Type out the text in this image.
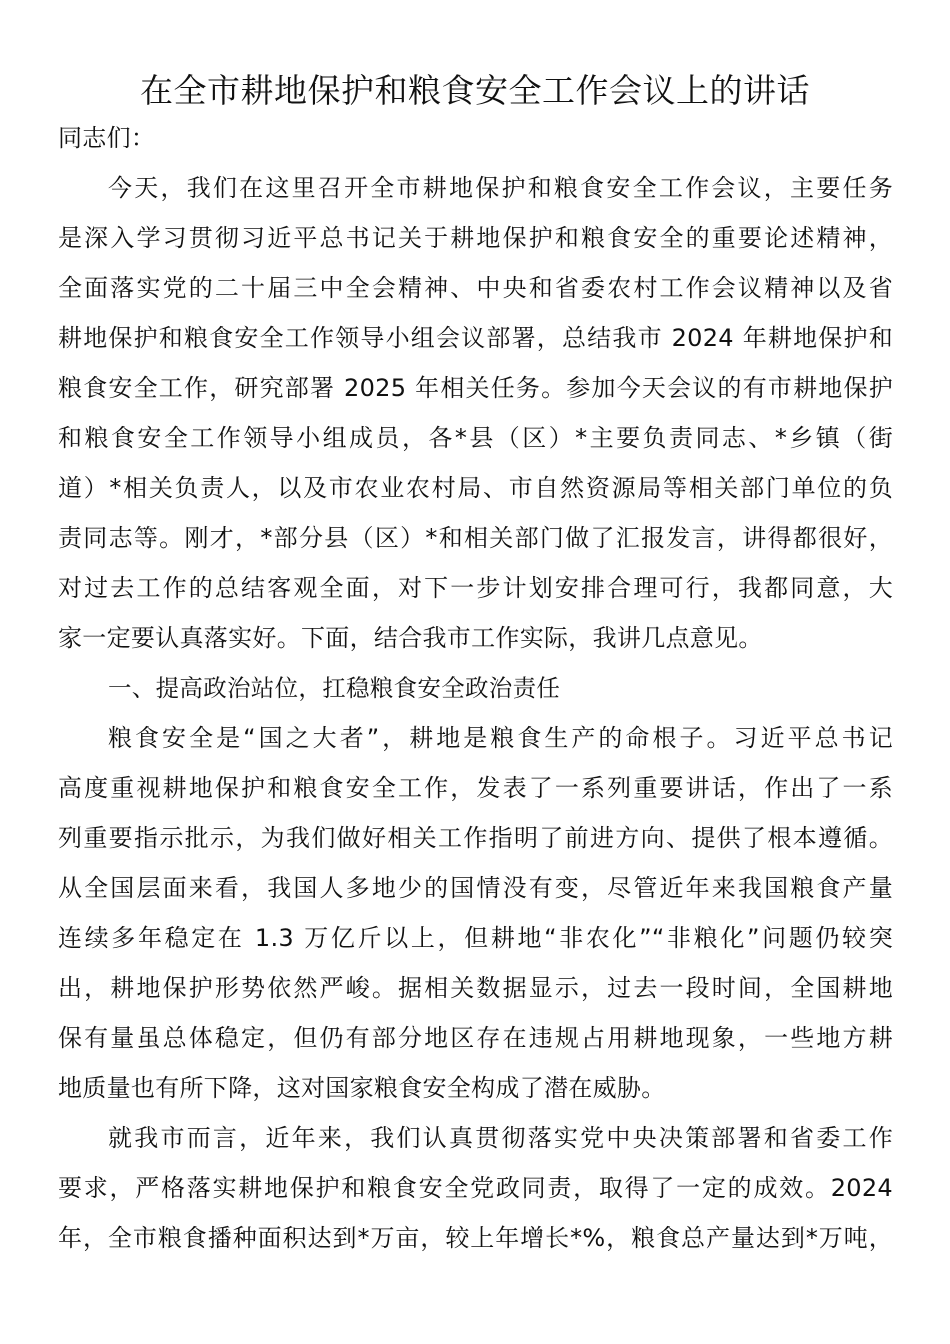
在全市耕地保护和粮食安全工作会议上的讲话
同志们：
今天，我们在这里召开全市耕地保护和粮食安全工作会议，主要任务
是深入学习贯彻习近平总书记关于耕地保护和粮食安全的重要论述精神，
全面落实党的二十届三中全会精神、中央和省委农村工作会议精神以及省
耕地保护和粮食安全工作领导小组会议部署，总结我市 2024 年耕地保护和
粮食安全工作，研究部署 2025 年相关任务。参加今天会议的有市耕地保护
和粮食安全工作领导小组成员，各*县（区）*主要负责同志、*乡镇（街
道）*相关负责人，以及市农业农村局、市自然资源局等相关部门单位的负
责同志等。刚才，*部分县（区）*和相关部门做了汇报发言，讲得都很好，
对过去工作的总结客观全面，对下一步计划安排合理可行，我都同意，大
家一定要认真落实好。下面，结合我市工作实际，我讲几点意见。
一、提高政治站位，扛稳粮食安全政治责任
粮食安全是“国之大者”，耕地是粮食生产的命根子。习近平总书记
高度重视耕地保护和粮食安全工作，发表了一系列重要讲话，作出了一系
列重要指示批示，为我们做好相关工作指明了前进方向、提供了根本遵循。
从全国层面来看，我国人多地少的国情没有变，尽管近年来我国粮食产量
连续多年稳定在 1.3 万亿斤以上，但耕地“非农化”“非粮化”问题仍较突
出，耕地保护形势依然严峻。据相关数据显示，过去一段时间，全国耕地
保有量虽总体稳定，但仍有部分地区存在违规占用耕地现象，一些地方耕
地质量也有所下降，这对国家粮食安全构成了潜在威胁。
就我市而言，近年来，我们认真贯彻落实党中央决策部署和省委工作
要求，严格落实耕地保护和粮食安全党政同责，取得了一定的成效。2024
年，全市粮食播种面积达到*万亩，较上年增长*%，粮食总产量达到*万吨，
